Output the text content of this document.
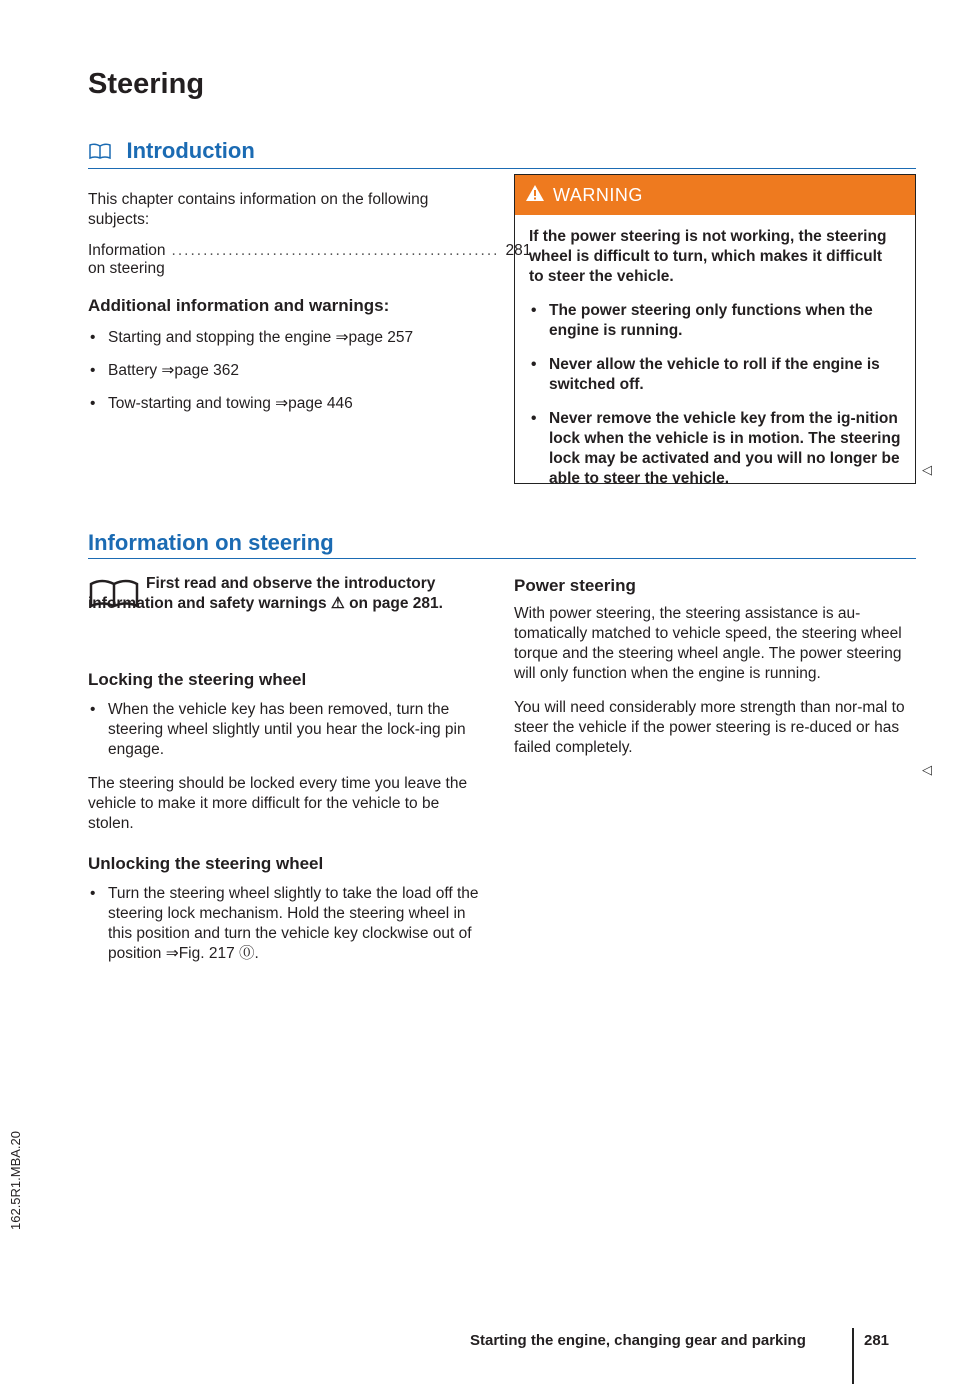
Steering
Introduction

This chapter contains information on the following subjects:

Information on steering
.................................................... 281

Additional information and warnings:

• Starting and stopping the engine ⇒page 257
• Battery ⇒page 362
• Tow-starting and towing ⇒page 446
WARNING

If the power steering is not working, the steering wheel is difficult to turn, which makes it difficult to steer the vehicle.

• The power steering only functions when the engine is running.
• Never allow the vehicle to roll if the engine is switched off.
• Never remove the vehicle key from the ig-nition lock when the vehicle is in motion. The steering lock may be activated and you will no longer be able to steer the vehicle.
◁
Information on steering

First read and observe the introductory information and safety warnings ⚠ on page 281.

Locking the steering wheel

• When the vehicle key has been removed, turn the steering wheel slightly until you hear the lock-ing pin engage.

The steering should be locked every time you leave the vehicle to make it more difficult for the vehicle to be stolen.

Unlocking the steering wheel

• Turn the steering wheel slightly to take the load off the steering lock mechanism. Hold the steering wheel in this position and turn the vehicle key clockwise out of position ⇒Fig. 217 ⓪.

Power steering

With power steering, the steering assistance is au-tomatically matched to vehicle speed, the steering wheel torque and the steering wheel angle. The power steering will only function when the engine is running.

You will need considerably more strength than nor-mal to steer the vehicle if the power steering is re-duced or has failed completely.

◁
162.5R1.MBA.20
Starting the engine, changing gear and parking	281
